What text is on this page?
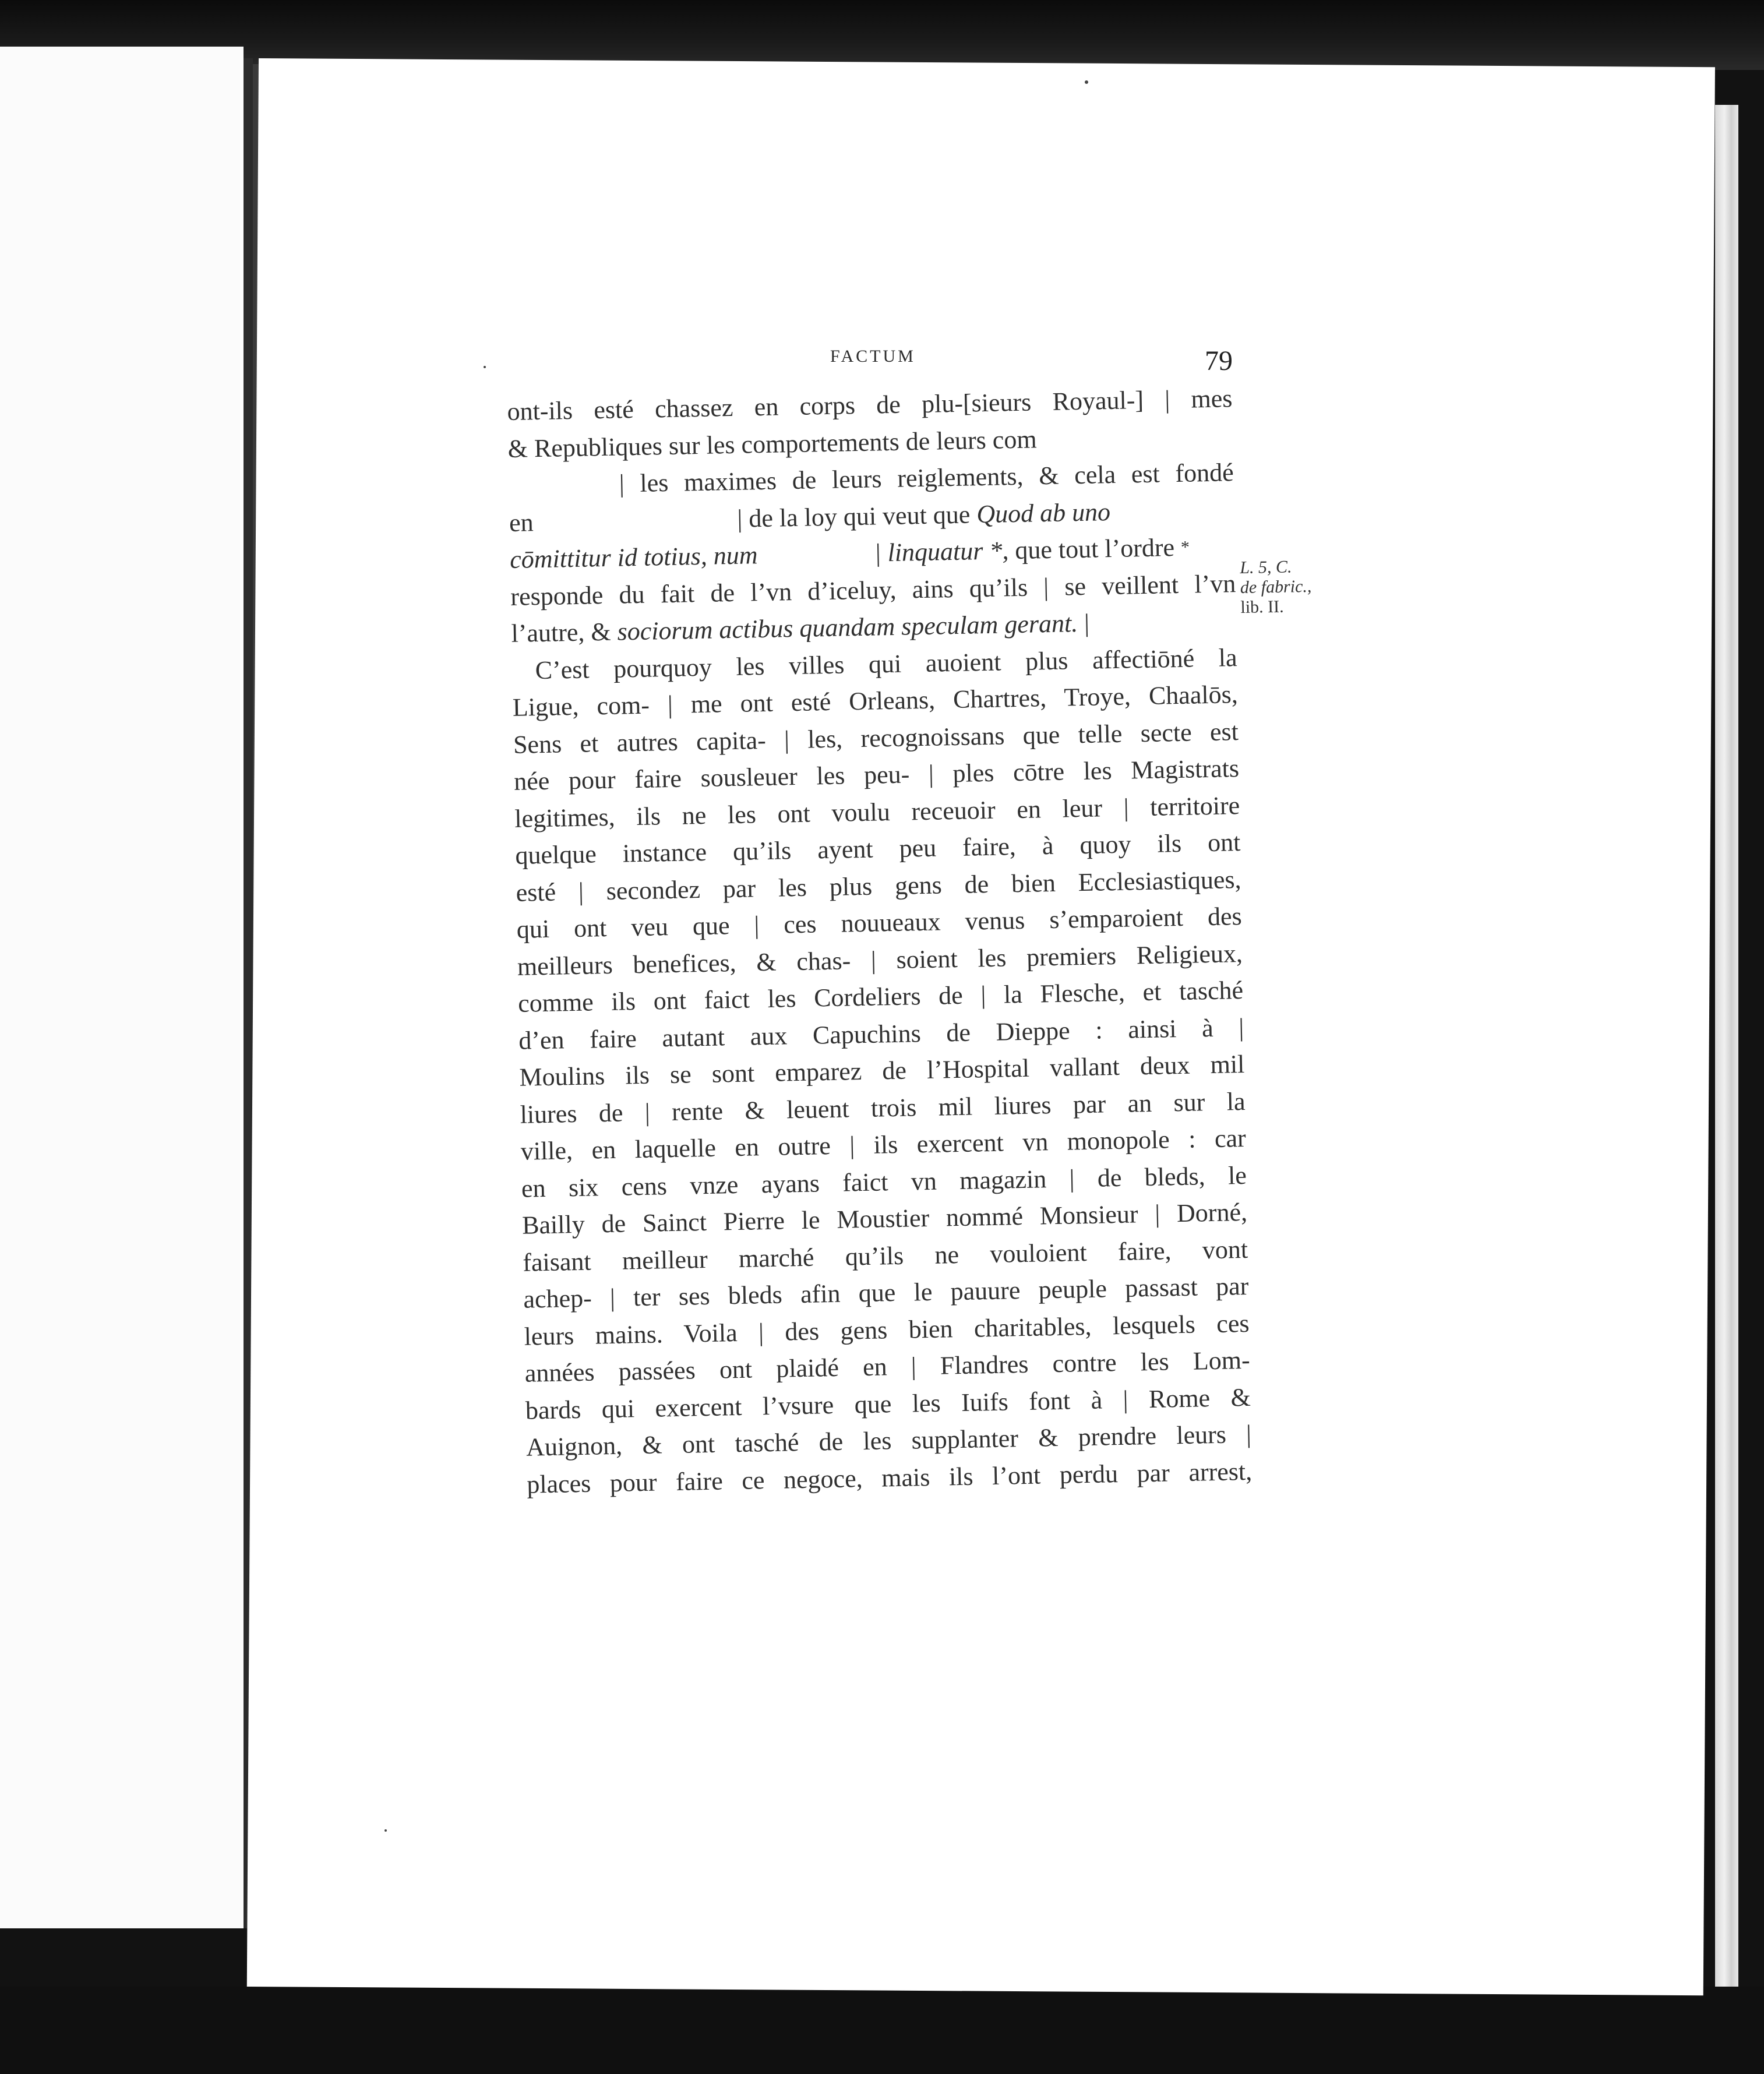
FACTUM	79
ont-ils esté chassez en corps de plu-[sieurs Royaul-] | mes
& Republiques sur les comportements de leurs com
| les maximes de leurs reiglements, & cela est fondé
en	| de la loy qui veut que Quod ab uno
cōmittitur id totius, num	| linquatur *, que tout l’ordre *
responde du fait de l’vn d’iceluy, ains qu’ils | se veillent l’vn
l’autre, & sociorum actibus quandam speculam gerant. |
C’est pourquoy les villes qui auoient plus affectiōné la
Ligue, com- | me ont esté Orleans, Chartres, Troye, Chaalōs,
Sens et autres capita- | les, recognoissans que telle secte est
née pour faire sousleuer les peu- | ples cōtre les Magistrats
legitimes, ils ne les ont voulu receuoir en leur | territoire
quelque instance qu’ils ayent peu faire, à quoy ils ont
esté | secondez par les plus gens de bien Ecclesiastiques,
qui ont veu que | ces nouueaux venus s’emparoient des
meilleurs benefices, & chas- | soient les premiers Religieux,
comme ils ont faict les Cordeliers de | la Flesche, et tasché
d’en faire autant aux Capuchins de Dieppe : ainsi à |
Moulins ils se sont emparez de l’Hospital vallant deux mil
liures de | rente & leuent trois mil liures par an sur la
ville, en laquelle en outre | ils exercent vn monopole : car
en six cens vnze ayans faict vn magazin | de bleds, le
Bailly de Sainct Pierre le Moustier nommé Monsieur | Dorné,
faisant meilleur marché qu’ils ne vouloient faire, vont
achep- | ter ses bleds afin que le pauure peuple passast par
leurs mains. Voila | des gens bien charitables, lesquels ces
années passées ont plaidé en | Flandres contre les Lom-
bards qui exercent l’vsure que les Iuifs font à | Rome &
Auignon, & ont tasché de les supplanter & prendre leurs |
places pour faire ce negoce, mais ils l’ont perdu par arrest,
L. 5, C.
de fabric.,
lib. II.
